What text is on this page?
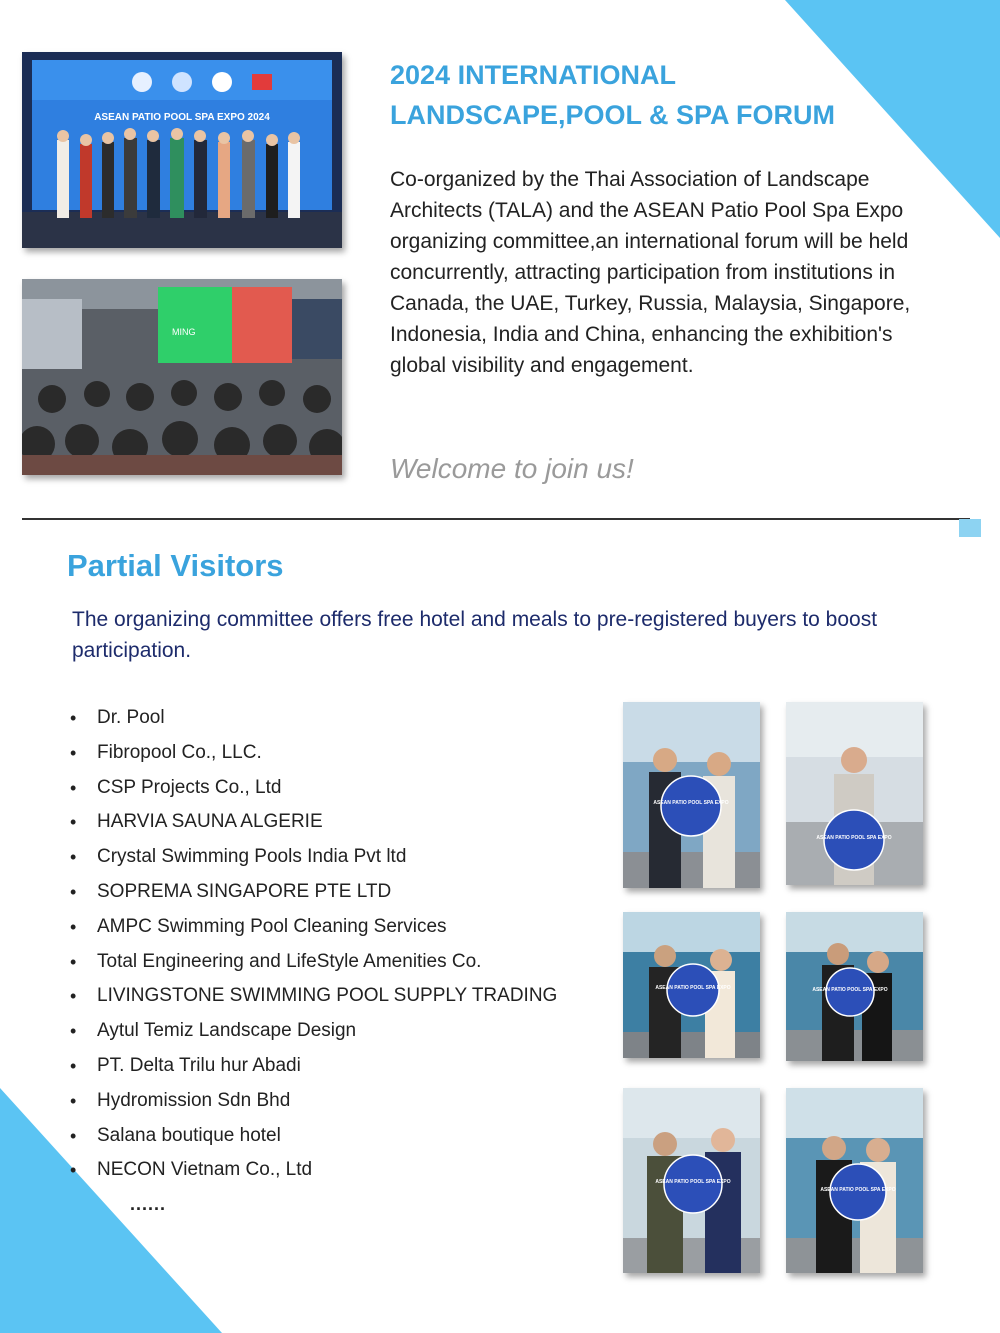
ASEAN PATIO POOL SPA EXPO 2024
MING
2024 INTERNATIONAL
LANDSCAPE,POOL & SPA FORUM
Co-organized by the Thai Association of Landscape Architects (TALA) and the ASEAN Patio Pool Spa Expo organizing committee,an international forum will be held concurrently, attracting participation from institutions in Canada, the UAE, Turkey, Russia, Malaysia, Singapore, Indonesia, India and China, enhancing the exhibition's global visibility and engagement.
Welcome to join us!
Partial Visitors
The organizing committee offers free hotel and meals to pre-registered buyers to boost participation.
• Dr. Pool
• Fibropool Co., LLC.
• CSP Projects Co., Ltd
• HARVIA SAUNA ALGERIE
• Crystal Swimming Pools India Pvt ltd
• SOPREMA SINGAPORE PTE LTD
• AMPC Swimming Pool Cleaning Services
• Total Engineering and LifeStyle Amenities Co.
• LIVINGSTONE SWIMMING POOL SUPPLY TRADING
• Aytul Temiz Landscape Design
• PT. Delta Trilu hur Abadi
• Hydromission Sdn Bhd
• Salana boutique hotel
• NECON Vietnam Co., Ltd
......
ASEAN PATIO POOL SPA EXPO
ASEAN PATIO POOL SPA EXPO
ASEAN PATIO POOL SPA EXPO	ASEAN PATIO POOL SPA EXPO
ASEAN PATIO POOL SPA EXPO
ASEAN PATIO POOL SPA EXPO
